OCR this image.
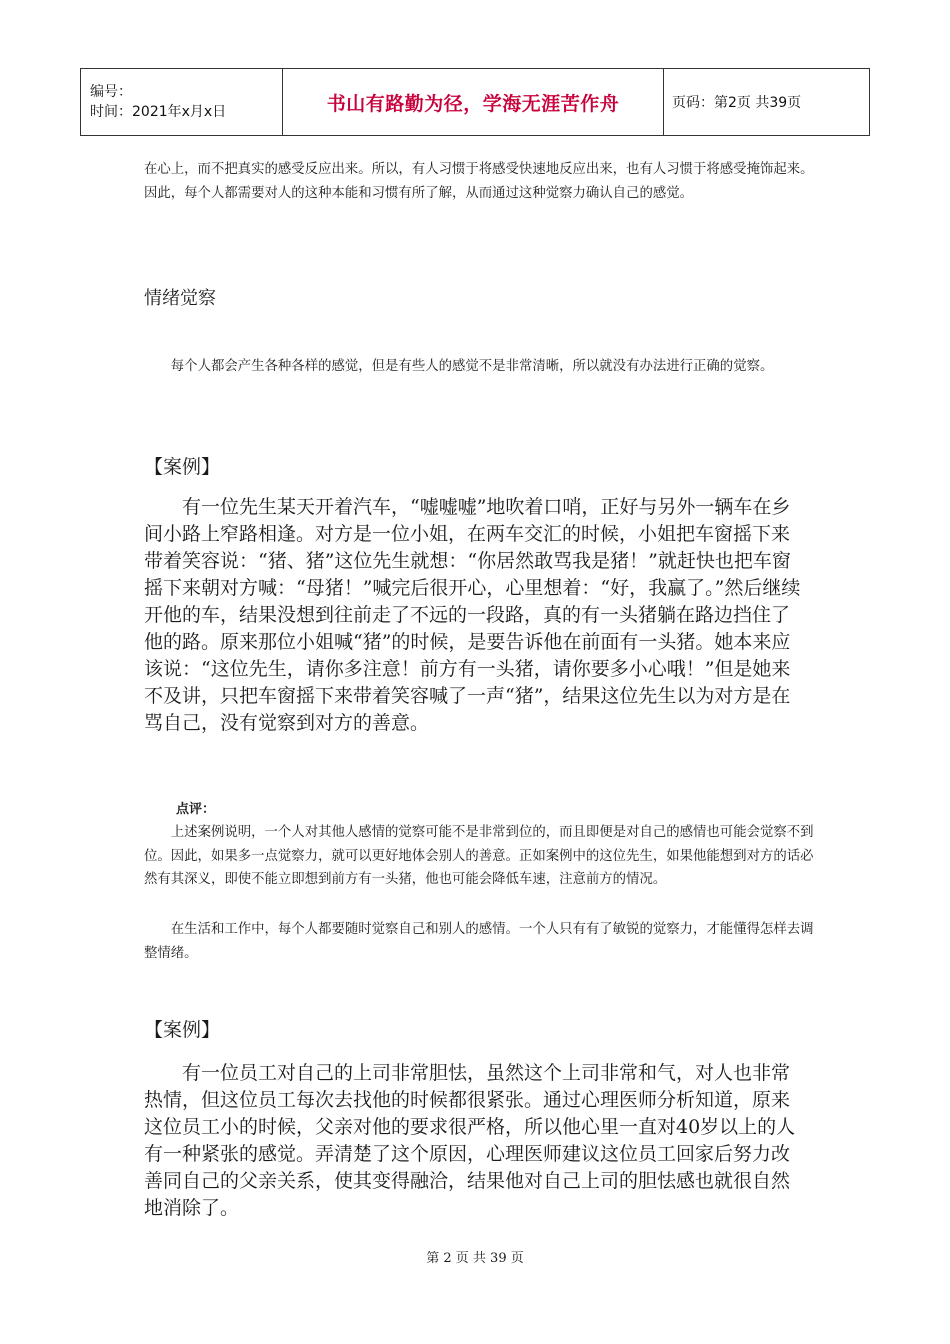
编号：
时间：2021年x月x日	书山有路勤为径，学海无涯苦作舟	页码：第2页 共39页

在心上，而不把真实的感受反应出来。所以，有人习惯于将感受快速地反应出来，也有人习惯于将感受掩饰起来。因此，每个人都需要对人的这种本能和习惯有所了解，从而通过这种觉察力确认自己的感觉。

情绪觉察

每个人都会产生各种各样的感觉，但是有些人的感觉不是非常清晰，所以就没有办法进行正确的觉察。

【案例】

有一位先生某天开着汽车，“嘘嘘嘘”地吹着口哨，正好与另外一辆车在乡间小路上窄路相逢。对方是一位小姐，在两车交汇的时候，小姐把车窗摇下来带着笑容说：“猪、猪”这位先生就想：“你居然敢骂我是猪！”就赶快也把车窗摇下来朝对方喊：“母猪！”喊完后很开心，心里想着：“好，我赢了。”然后继续开他的车，结果没想到往前走了不远的一段路，真的有一头猪躺在路边挡住了他的路。原来那位小姐喊“猪”的时候，是要告诉他在前面有一头猪。她本来应该说：“这位先生，请你多注意！前方有一头猪，请你要多小心哦！”但是她来不及讲，只把车窗摇下来带着笑容喊了一声“猪”，结果这位先生以为对方是在骂自己，没有觉察到对方的善意。

点评：

上述案例说明，一个人对其他人感情的觉察可能不是非常到位的，而且即便是对自己的感情也可能会觉察不到位。因此，如果多一点觉察力，就可以更好地体会别人的善意。正如案例中的这位先生，如果他能想到对方的话必然有其深义，即使不能立即想到前方有一头猪，他也可能会降低车速，注意前方的情况。

在生活和工作中，每个人都要随时觉察自己和别人的感情。一个人只有有了敏锐的觉察力，才能懂得怎样去调整情绪。

【案例】

有一位员工对自己的上司非常胆怯，虽然这个上司非常和气，对人也非常热情，但这位员工每次去找他的时候都很紧张。通过心理医师分析知道，原来这位员工小的时候，父亲对他的要求很严格，所以他心里一直对40岁以上的人有一种紧张的感觉。弄清楚了这个原因，心理医师建议这位员工回家后努力改善同自己的父亲关系，使其变得融洽，结果他对自己上司的胆怯感也就很自然地消除了。

第 2 页 共 39 页
